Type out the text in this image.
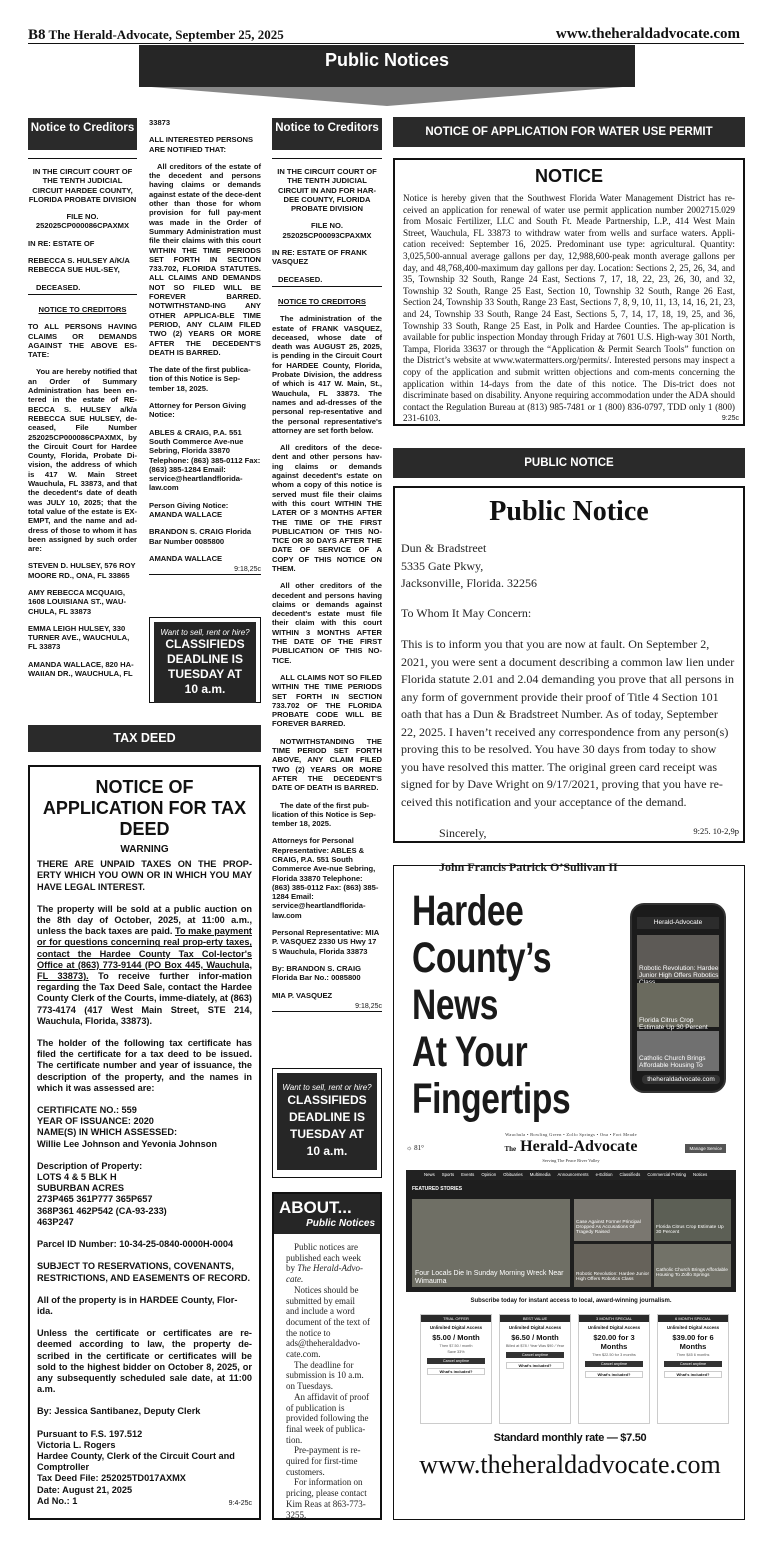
B8 The Herald-Advocate, September 25, 2025	www.theheraldadvocate.com
Public Notices
Notice to Creditors

IN THE CIRCUIT COURT OF THE TENTH JUDICIAL CIRCUIT HARDEE COUNTY, FLORIDA PROBATE DIVISION

FILE NO. 252025CP000086CPAXMX

IN RE: ESTATE OF

REBECCA S. HULSEY A/K/A REBECCA SUE HUL-SEY,

DECEASED.

NOTICE TO CREDITORS

TO ALL PERSONS HAVING CLAIMS OR DEMANDS AGAINST THE ABOVE ES-TATE:

You are hereby notified that an Order of Summary Administration has been en-tered in the estate of RE-BECCA S. HULSEY a/k/a REBECCA SUE HULSEY, de-ceased, File Number 252025CP000086CPAXMX, by the Circuit Court for Hardee County, Florida, Probate Di-vision, the address of which is 417 W. Main Street Wauchula, FL 33873, and that the decedent's date of death was JULY 10, 2025; that the total value of the estate is EX-EMPT, and the name and ad-dress of those to whom it has been assigned by such order are:

STEVEN D. HULSEY, 576 ROY MOORE RD., ONA, FL 33865

AMY REBECCA MCQUAIG, 1608 LOUISIANA ST., WAU-CHULA, FL 33873

EMMA LEIGH HULSEY, 330 TURNER AVE., WAUCHULA, FL 33873

AMANDA WALLACE, 820 HA-WAIIAN DR., WAUCHULA, FL

33873

ALL INTERESTED PERSONS ARE NOTIFIED THAT:

All creditors of the estate of the decedent and persons having claims or demands against estate of the dece-dent other than those for whom provision for full pay-ment was made in the Order of Summary Administration must file their claims with this court WITHIN THE TIME PERIODS SET FORTH IN SECTION 733.702, FLORIDA STATUTES. ALL CLAIMS AND DEMANDS NOT SO FILED WILL BE FOREVER BARRED. NOTWITHSTAND-ING ANY OTHER APPLICA-BLE TIME PERIOD, ANY CLAIM FILED TWO (2) YEARS OR MORE AFTER THE DECEDENT'S DEATH IS BARRED.

The date of the first publica-tion of this Notice is Sep-tember 18, 2025.

Attorney for Person Giving Notice:

ABLES & CRAIG, P.A. 551 South Commerce Ave-nue Sebring, Florida 33870 Telephone: (863) 385-0112 Fax: (863) 385-1284 Email: service@heartlandflorida-law.com

Person Giving Notice: AMANDA WALLACE

BRANDON S. CRAIG Florida Bar Number 0085800

AMANDA WALLACE

9:18,25c
Want to sell, rent or hire?
CLASSIFIEDS
DEADLINE IS
TUESDAY AT
10 a.m.
TAX DEED
NOTICE OF APPLICATION FOR TAX DEED

WARNING

THERE ARE UNPAID TAXES ON THE PROP-ERTY WHICH YOU OWN OR IN WHICH YOU MAY HAVE LEGAL INTEREST.

The property will be sold at a public auction on the 8th day of October, 2025, at 11:00 a.m., unless the back taxes are paid. To make payment or for questions concerning real prop-erty taxes, contact the Hardee County Tax Col-lector's Office at (863) 773-9144 (PO Box 445, Wauchula, FL 33873). To receive further infor-mation regarding the Tax Deed Sale, contact the Hardee County Clerk of the Courts, imme-diately, at (863) 773-4174 (417 West Main Street, STE 214, Wauchula, Florida, 33873).

The holder of the following tax certificate has filed the certificate for a tax deed to be issued. The certificate number and year of issuance, the description of the property, and the names in which it was assessed are:

CERTIFICATE NO.: 559
YEAR OF ISSUANCE: 2020
NAME(S) IN WHICH ASSESSED:
Willie Lee Johnson and Yevonia Johnson

Description of Property:
LOTS 4 & 5 BLK H
SUBURBAN ACRES
273P465 361P777 365P657
368P361 462P542 (CA-93-233)
463P247

Parcel ID Number: 10-34-25-0840-0000H-0004

SUBJECT TO RESERVATIONS, COVENANTS, RESTRICTIONS, AND EASEMENTS OF RECORD.

All of the property is in HARDEE County, Flor-ida.

Unless the certificate or certificates are re-deemed according to law, the property de-scribed in the certificate or certificates will be sold to the highest bidder on October 8, 2025, or any subsequently scheduled sale date, at 11:00 a.m.

By: Jessica Santibanez, Deputy Clerk

Pursuant to F.S. 197.512
Victoria L. Rogers
Hardee County, Clerk of the Circuit Court and Comptroller
Tax Deed File: 252025TD017AXMX
Date: August 21, 2025
Ad No.: 1	9:4-25c
Notice to Creditors

IN THE CIRCUIT COURT OF THE TENTH JUDICIAL CIRCUIT IN AND FOR HAR-DEE COUNTY, FLORIDA PROBATE DIVISION

FILE NO. 252025CP00093CPAXMX

IN RE: ESTATE OF FRANK VASQUEZ

DECEASED.

NOTICE TO CREDITORS

The administration of the estate of FRANK VASQUEZ, deceased, whose date of death was AUGUST 25, 2025, is pending in the Circuit Court for HARDEE County, Florida, Probate Division, the address of which is 417 W. Main, St., Wauchula, FL 33873. The names and ad-dresses of the personal rep-resentative and the personal representative's attorney are set forth below.

All creditors of the dece-dent and other persons hav-ing claims or demands against decedent's estate on whom a copy of this notice is served must file their claims with this court WITHIN THE LATER OF 3 MONTHS AFTER THE TIME OF THE FIRST PUBLICATION OF THIS NO-TICE OR 30 DAYS AFTER THE DATE OF SERVICE OF A COPY OF THIS NOTICE ON THEM.

All other creditors of the decedent and persons having claims or demands against decedent's estate must file their claim with this court WITHIN 3 MONTHS AFTER THE DATE OF THE FIRST PUBLICATION OF THIS NO-TICE.

ALL CLAIMS NOT SO FILED WITHIN THE TIME PERIODS SET FORTH IN SECTION 733.702 OF THE FLORIDA PROBATE CODE WILL BE FOREVER BARRED.

NOTWITHSTANDING THE TIME PERIOD SET FORTH ABOVE, ANY CLAIM FILED TWO (2) YEARS OR MORE AFTER THE DECEDENT'S DATE OF DEATH IS BARRED.

The date of the first pub-lication of this Notice is Sep-tember 18, 2025.

Attorneys for Personal Representative: ABLES & CRAIG, P.A. 551 South Commerce Ave-nue Sebring, Florida 33870 Telephone: (863) 385-0112 Fax: (863) 385-1284 Email: service@heartlandflorida-law.com

Personal Representative: MIA P. VASQUEZ 2330 US Hwy 17 S Wauchula, Florida 33873

By: BRANDON S. CRAIG Florida Bar No.: 0085800

MIA P. VASQUEZ

9:18,25c
Want to sell, rent or hire?
CLASSIFIEDS
DEADLINE IS
TUESDAY AT
10 a.m.
ABOUT...
Public Notices

Public notices are published each week by The Herald-Advo-cate.

Notices should be submitted by email and include a word document of the text of the notice to ads@theheraldadvo-cate.com.

The deadline for submission is 10 a.m. on Tuesdays.

An affidavit of proof of publication is provided following the final week of publica-tion.

Pre-payment is re-quired for first-time customers.

For information on pricing, please contact Kim Reas at 863-773-3255.

NOTICE OF APPLICATION FOR WATER USE PERMIT
NOTICE
Notice is hereby given that the Southwest Florida Water Management District has re-ceived an application for renewal of water use permit application number 2002715.029 from Mosaic Fertilizer, LLC and South Ft. Meade Partnership, L.P., 414 West Main Street, Wauchula, FL 33873 to withdraw water from wells and surface waters. Appli-cation received: September 16, 2025. Predominant use type: agricultural. Quantity: 3,025,500-annual average gallons per day, 12,988,600-peak month average gallons per day, and 48,768,400-maximum day gallons per day. Location: Sections 2, 25, 26, 34, and 35, Township 32 South, Range 24 East, Sections 7, 17, 18, 22, 23, 26, 30, and 32, Township 32 South, Range 25 East, Section 10, Township 32 South, Range 26 East, Section 24, Township 33 South, Range 23 East, Sections 7, 8, 9, 10, 11, 13, 14, 16, 21, 23, and 24, Township 33 South, Range 24 East, Sections 5, 7, 14, 17, 18, 19, 25, and 36, Township 33 South, Range 25 East, in Polk and Hardee Counties. The ap-plication is available for public inspection Monday through Friday at 7601 U.S. High-way 301 North, Tampa, Florida 33637 or through the “Application & Permit Search Tools” function on the District’s website at www.watermatters.org/permits/. Interested persons may inspect a copy of the application and submit written objections and com-ments concerning the application within 14-days from the date of this notice. The Dis-trict does not discriminate based on disability. Anyone requiring accommodation under the ADA should contact the Regulation Bureau at (813) 985-7481 or 1 (800) 836-0797, TDD only 1 (800) 231-6103.	9:25c
PUBLIC NOTICE
Public Notice
Dun & Bradstreet
5335 Gate Pkwy,
Jacksonville, Florida. 32256
To Whom It May Concern:
This is to inform you that you are now at fault. On September 2, 2021, you were sent a document describing a common law lien under Florida statute 2.01 and 2.04 demanding you prove that all persons in any form of government provide their proof of Title 4 Section 101 oath that has a Dun & Bradstreet Number. As of today, September 22, 2025. I haven’t received any correspondence from any person(s) proving this to be resolved. You have 30 days from today to show you have resolved this matter. The original green card receipt was signed for by Dave Wright on 9/17/2021, proving that you have re-ceived this notification and your acceptance of the demand.
Sincerely,
John Francis Patrick O’Sullivan II
9:25. 10-2,9p
Hardee
County’s
News
At Your
Fingertips
Herald-Advocate
Robotic Revolution: Hardee Junior High Offers Robotics
Florida Citrus Crop Estimate Up 30 Percent
Catholic Church Brings Affordable Housing To
theheraldadvocate.com
Wauchula • Bowling Green • Zolfo Springs • Ona • Fort Meade
The Herald-Advocate
Serving The Peace River Valley
☼ 81°	Manage Service
News Sports Events Opinion Obituaries Multimedia Announcements e-Edition Classifieds Commercial Printing Notices
FEATURED STORIES
Four Locals Die In Sunday Morning Wreck Near Wimauma
Case Against Former Principal Dropped As Accusations Of Tragedy Raised
Florida Citrus Crop Estimate Up 30 Percent
Robotic Revolution: Hardee Junior High Offers Robotics Class
Catholic Church Brings Affordable Housing To Zolfo Springs
Subscribe today for instant access to local, award-winning journalism.
TRIAL OFFER
Unlimited Digital Access
$5.00 / Month
Then $7.50 / month
Save 33%
Cancel anytime
What's included?
BEST VALUE
Unlimited Digital Access
$6.50 / Month
Billed at $78 / Year Was $90 / Year
Cancel anytime
What's included?
3 MONTH SPECIAL
Unlimited Digital Access
$20.00 for 3 Months
Then $22.50 for 3 months
Cancel anytime
What's included?
6 MONTH SPECIAL
Unlimited Digital Access
$39.00 for 6 Months
Then $45 6 months
Cancel anytime
What's included?
Standard monthly rate — $7.50
www.theheraldadvocate.com
